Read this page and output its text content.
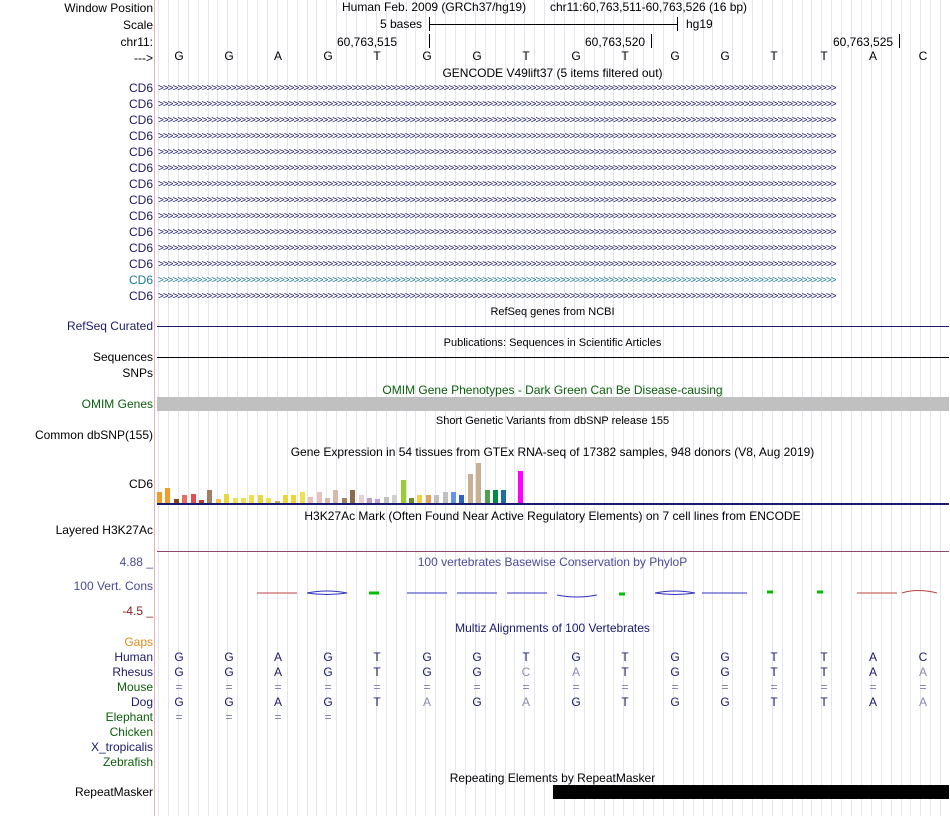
Window Position
Scale
chr11:
--->
Human Feb. 2009 (GRCh37/hg19) chr11:60,763,511-60,763,526 (16 bp)
5 bases	hg19
60,763,515	60,763,520	60,763,525
G	G	A	G	T	G	G	T	G	T	G	G	T	T	A	C
GENCODE V49lift37 (5 items filtered out)
CD6 >>>>>>>>>>>>>>>>>>>>>>>>>>>>>>>>>>>>>>>>>>>>>>>>>>>>>>>>>>>>>>>>>>>>>>>>>>>>>>>>>>>>>>>>>>>>>>>>>>>>>>>>>>>>>>>>>>>>>>>>>>>>>>>>>>>>>>>>>>>>
CD6 >>>>>>>>>>>>>>>>>>>>>>>>>>>>>>>>>>>>>>>>>>>>>>>>>>>>>>>>>>>>>>>>>>>>>>>>>>>>>>>>>>>>>>>>>>>>>>>>>>>>>>>>>>>>>>>>>>>>>>>>>>>>>>>>>>>>>>>>>>>>
CD6 >>>>>>>>>>>>>>>>>>>>>>>>>>>>>>>>>>>>>>>>>>>>>>>>>>>>>>>>>>>>>>>>>>>>>>>>>>>>>>>>>>>>>>>>>>>>>>>>>>>>>>>>>>>>>>>>>>>>>>>>>>>>>>>>>>>>>>>>>>>>
CD6 >>>>>>>>>>>>>>>>>>>>>>>>>>>>>>>>>>>>>>>>>>>>>>>>>>>>>>>>>>>>>>>>>>>>>>>>>>>>>>>>>>>>>>>>>>>>>>>>>>>>>>>>>>>>>>>>>>>>>>>>>>>>>>>>>>>>>>>>>>>>
CD6 >>>>>>>>>>>>>>>>>>>>>>>>>>>>>>>>>>>>>>>>>>>>>>>>>>>>>>>>>>>>>>>>>>>>>>>>>>>>>>>>>>>>>>>>>>>>>>>>>>>>>>>>>>>>>>>>>>>>>>>>>>>>>>>>>>>>>>>>>>>>
CD6 >>>>>>>>>>>>>>>>>>>>>>>>>>>>>>>>>>>>>>>>>>>>>>>>>>>>>>>>>>>>>>>>>>>>>>>>>>>>>>>>>>>>>>>>>>>>>>>>>>>>>>>>>>>>>>>>>>>>>>>>>>>>>>>>>>>>>>>>>>>>
CD6 >>>>>>>>>>>>>>>>>>>>>>>>>>>>>>>>>>>>>>>>>>>>>>>>>>>>>>>>>>>>>>>>>>>>>>>>>>>>>>>>>>>>>>>>>>>>>>>>>>>>>>>>>>>>>>>>>>>>>>>>>>>>>>>>>>>>>>>>>>>>
CD6 >>>>>>>>>>>>>>>>>>>>>>>>>>>>>>>>>>>>>>>>>>>>>>>>>>>>>>>>>>>>>>>>>>>>>>>>>>>>>>>>>>>>>>>>>>>>>>>>>>>>>>>>>>>>>>>>>>>>>>>>>>>>>>>>>>>>>>>>>>>>
CD6 >>>>>>>>>>>>>>>>>>>>>>>>>>>>>>>>>>>>>>>>>>>>>>>>>>>>>>>>>>>>>>>>>>>>>>>>>>>>>>>>>>>>>>>>>>>>>>>>>>>>>>>>>>>>>>>>>>>>>>>>>>>>>>>>>>>>>>>>>>>>
CD6 >>>>>>>>>>>>>>>>>>>>>>>>>>>>>>>>>>>>>>>>>>>>>>>>>>>>>>>>>>>>>>>>>>>>>>>>>>>>>>>>>>>>>>>>>>>>>>>>>>>>>>>>>>>>>>>>>>>>>>>>>>>>>>>>>>>>>>>>>>>>
CD6 >>>>>>>>>>>>>>>>>>>>>>>>>>>>>>>>>>>>>>>>>>>>>>>>>>>>>>>>>>>>>>>>>>>>>>>>>>>>>>>>>>>>>>>>>>>>>>>>>>>>>>>>>>>>>>>>>>>>>>>>>>>>>>>>>>>>>>>>>>>>
CD6 >>>>>>>>>>>>>>>>>>>>>>>>>>>>>>>>>>>>>>>>>>>>>>>>>>>>>>>>>>>>>>>>>>>>>>>>>>>>>>>>>>>>>>>>>>>>>>>>>>>>>>>>>>>>>>>>>>>>>>>>>>>>>>>>>>>>>>>>>>>>
CD6 >>>>>>>>>>>>>>>>>>>>>>>>>>>>>>>>>>>>>>>>>>>>>>>>>>>>>>>>>>>>>>>>>>>>>>>>>>>>>>>>>>>>>>>>>>>>>>>>>>>>>>>>>>>>>>>>>>>>>>>>>>>>>>>>>>>>>>>>>>>>
CD6 >>>>>>>>>>>>>>>>>>>>>>>>>>>>>>>>>>>>>>>>>>>>>>>>>>>>>>>>>>>>>>>>>>>>>>>>>>>>>>>>>>>>>>>>>>>>>>>>>>>>>>>>>>>>>>>>>>>>>>>>>>>>>>>>>>>>>>>>>>>>
RefSeq genes from NCBI
RefSeq Curated
Publications: Sequences in Scientific Articles
Sequences
SNPs
OMIM Gene Phenotypes - Dark Green Can Be Disease-causing
OMIM Genes
Short Genetic Variants from dbSNP release 155
Common dbSNP(155)
Gene Expression in 54 tissues from GTEx RNA-seq of 17382 samples, 948 donors (V8, Aug 2019)
CD6
H3K27Ac Mark (Often Found Near Active Regulatory Elements) on 7 cell lines from ENCODE
Layered H3K27Ac
100 vertebrates Basewise Conservation by PhyloP
4.88 _
100 Vert. Cons
-4.5 _
Multiz Alignments of 100 Vertebrates
Gaps
Human	G	G	A	G	T	G	G	T	G	T	G	G	T	T	A	C
Rhesus	G	G	A	G	T	G	G	C	A	T	G	G	T	T	A	A
Mouse	=	=	=	=	=	=	=	=	=	=	=	=	=	=	=	=
Dog	G	G	A	G	T	A	G	A	G	T	G	G	T	T	A	A
Elephant	=	=	=	=
Chicken
X_tropicalis
Zebrafish
Repeating Elements by RepeatMasker
RepeatMasker
